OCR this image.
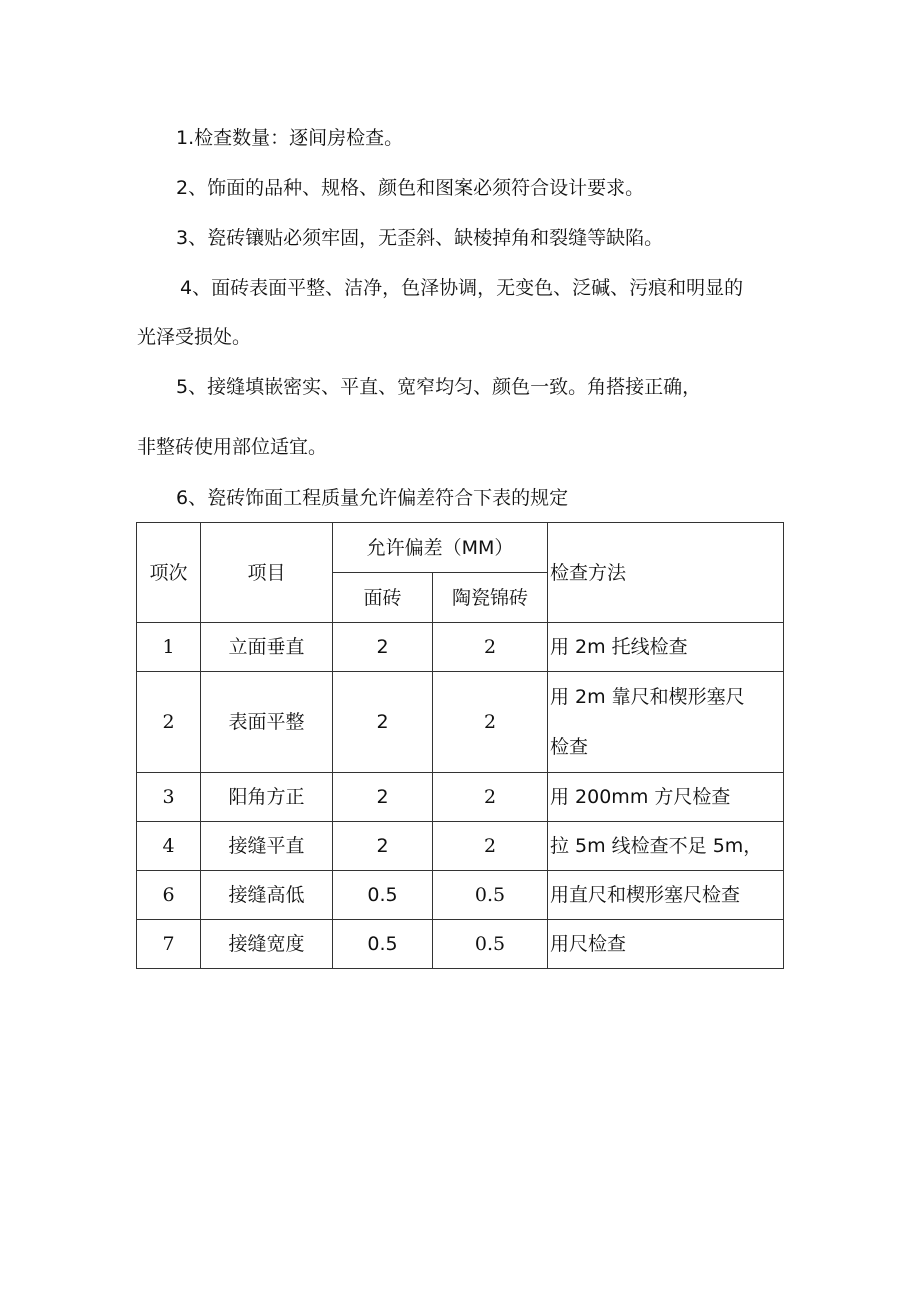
1.检查数量：逐间房检查。
2、饰面的品种、规格、颜色和图案必须符合设计要求。
3、瓷砖镶贴必须牢固，无歪斜、缺棱掉角和裂缝等缺陷。
4、面砖表面平整、洁净，色泽协调，无变色、泛碱、污痕和明显的
光泽受损处。
5、接缝填嵌密实、平直、宽窄均匀、颜色一致。角搭接正确，
非整砖使用部位适宜。
6、瓷砖饰面工程质量允许偏差符合下表的规定
项次	项目	允许偏差（MM）		检查方法
		面砖	陶瓷锦砖	
1	立面垂直	2	2	用 2m 托线检查
2	表面平整	2	2	用 2m 靠尺和楔形塞尺
检查

3	阳角方正	2	2	用 200mm 方尺检查
4	接缝平直	2	2	拉 5m 线检查不足 5m，
6	接缝高低	0.5	0.5	用直尺和楔形塞尺检查
7	接缝宽度	0.5	0.5	用尺检查
